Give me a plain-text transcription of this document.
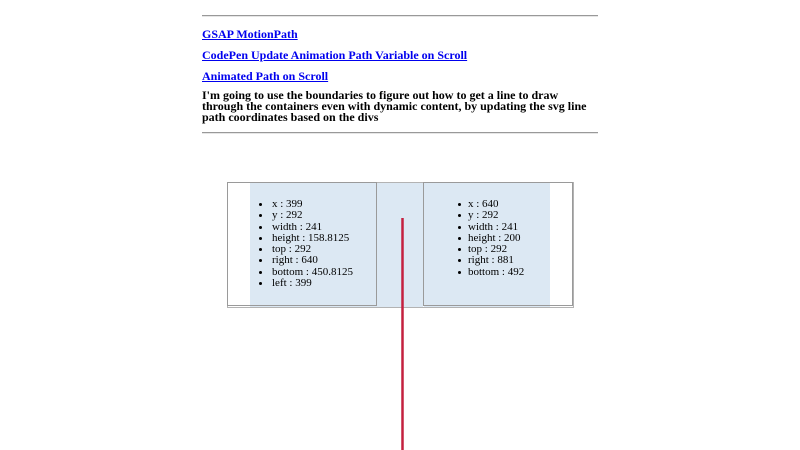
GSAP MotionPath
CodePen Update Animation Path Variable on Scroll
Animated Path on Scroll

I'm going to use the boundaries to figure out how to get a line to draw through the containers even with dynamic content, by updating the svg line path coordinates based on the divs

x : 399
y : 292
width : 241
height : 158.8125
top : 292
right : 640
bottom : 450.8125
left : 399
x : 640
y : 292
width : 241
height : 200
top : 292
right : 881
bottom : 492
